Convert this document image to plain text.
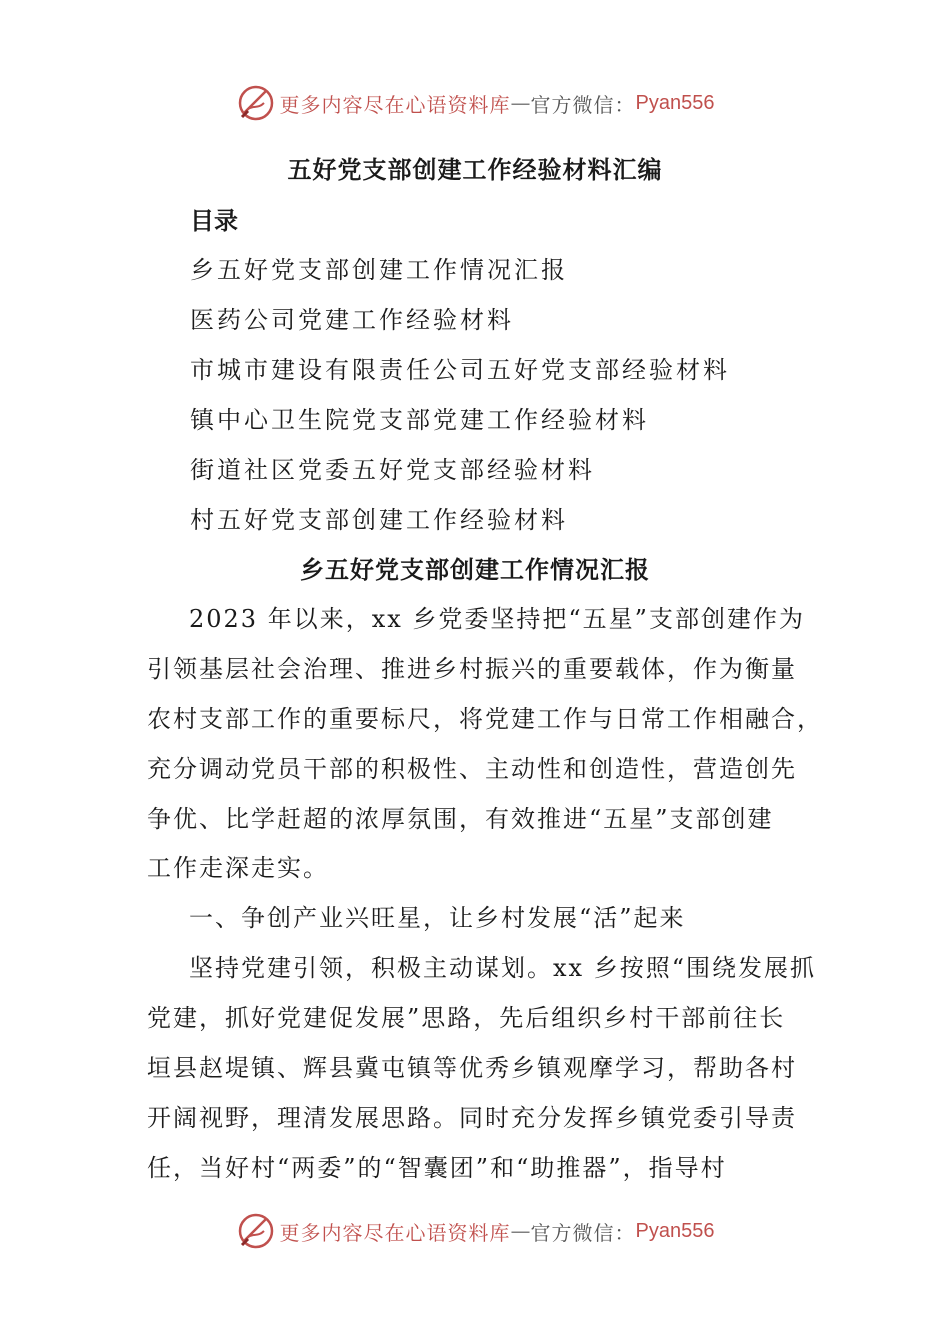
更多内容尽在心语资料库 — 官方微信： Pyan556
五好党支部创建工作经验材料汇编
目录
乡五好党支部创建工作情况汇报
医药公司党建工作经验材料
市城市建设有限责任公司五好党支部经验材料
镇中心卫生院党支部党建工作经验材料
街道社区党委五好党支部经验材料
村五好党支部创建工作经验材料
乡五好党支部创建工作情况汇报
2023 年以来，xx 乡党委坚持把“五星”支部创建作为
引领基层社会治理、推进乡村振兴的重要载体，作为衡量
农村支部工作的重要标尺，将党建工作与日常工作相融合，
充分调动党员干部的积极性、主动性和创造性，营造创先
争优、比学赶超的浓厚氛围，有效推进“五星”支部创建
工作走深走实。
一、争创产业兴旺星，让乡村发展“活”起来
坚持党建引领，积极主动谋划。xx 乡按照“围绕发展抓
党建，抓好党建促发展”思路，先后组织乡村干部前往长
垣县赵堤镇、辉县冀屯镇等优秀乡镇观摩学习，帮助各村
开阔视野，理清发展思路。同时充分发挥乡镇党委引导责
任，当好村“两委”的“智囊团”和“助推器”，指导村
更多内容尽在心语资料库 — 官方微信： Pyan556
